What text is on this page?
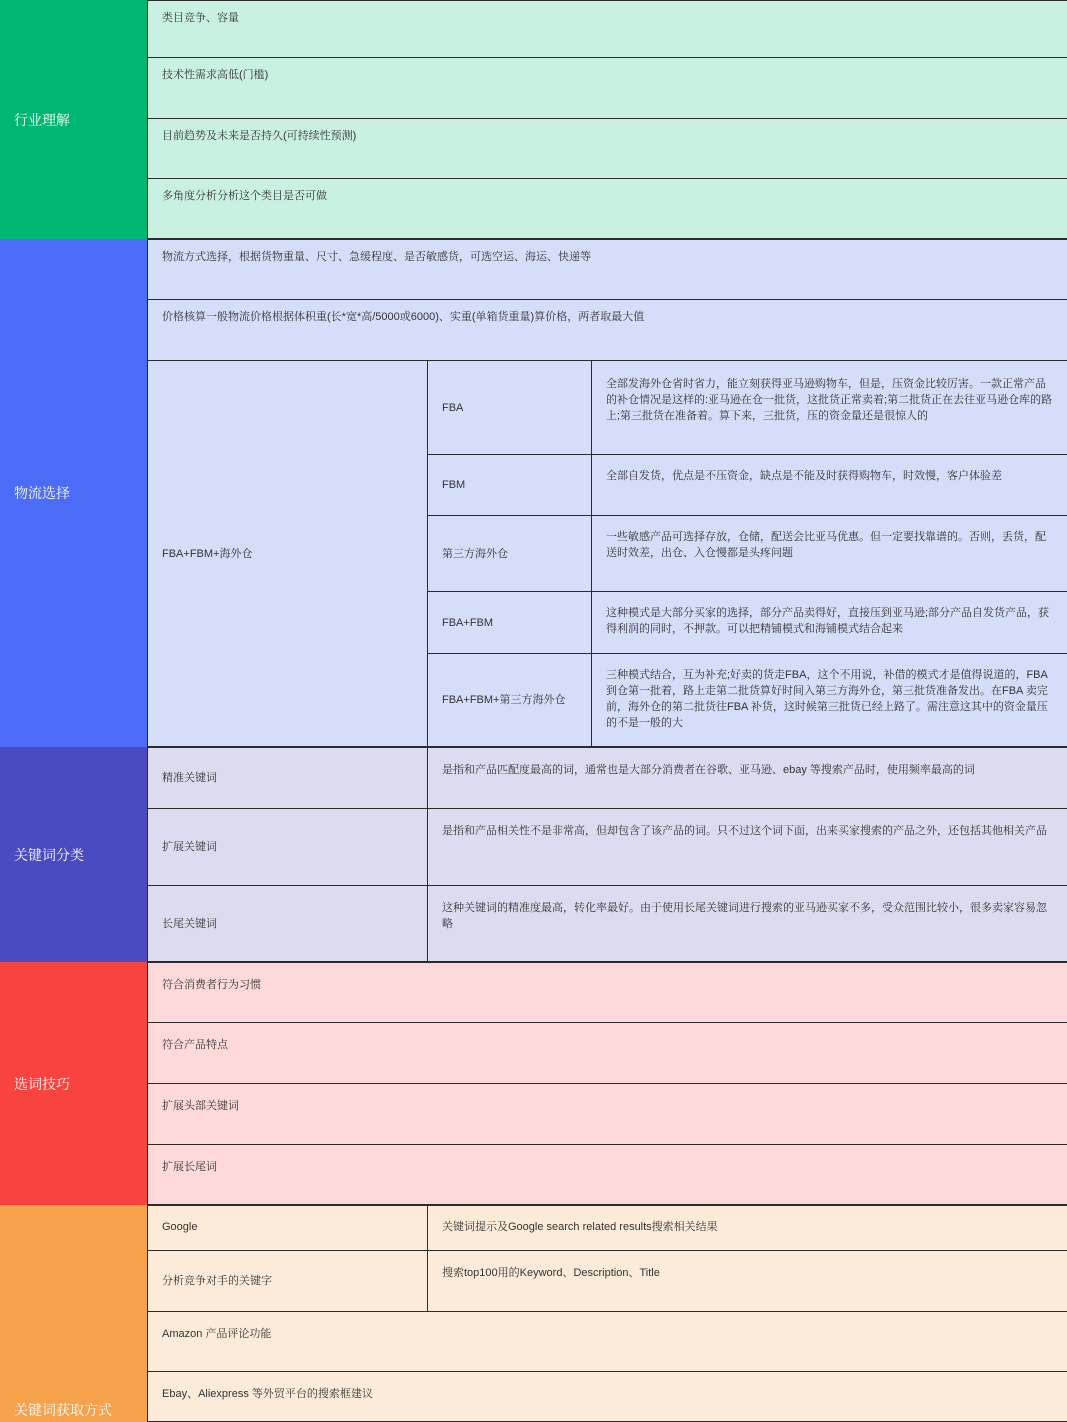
行业理解
类目竞争、容量
技术性需求高低(门槛)
目前趋势及未来是否持久(可持续性预测)
多角度分析分析这个类目是否可做
物流选择
物流方式选择，根据货物重量、尺寸、急缓程度、是否敏感货，可选空运、海运、快递等
价格核算一般物流价格根据体积重(长*宽*高/5000或6000)、实重(单箱货重量)算价格，两者取最大值
FBA+FBM+海外仓
FBA
全部发海外仓省时省力，能立刻获得亚马逊购物车，但是，压资金比较厉害。一款正常产品的补仓情况是这样的:亚马逊在仓一批货，这批货正常卖着;第二批货正在去往亚马逊仓库的路上;第三批货在准备着。算下来，三批货，压的资金量还是很惊人的
FBM
全部自发货，优点是不压资金，缺点是不能及时获得购物车，时效慢，客户体验差
第三方海外仓
一些敏感产品可选择存放，仓储，配送会比亚马优惠。但一定要找靠谱的。否则，丢货，配送时效差，出仓、入仓慢都是头疼问题
FBA+FBM
这种模式是大部分买家的选择，部分产品卖得好，直接压到亚马逊;部分产品自发货产品，获得利润的同时，不押款。可以把精铺模式和海铺模式结合起来
FBA+FBM+第三方海外仓
三种模式结合，互为补充;好卖的货走FBA，这个不用说，补借的模式才是值得说道的，FBA到仓第一批着，路上走第二批货算好时间入第三方海外仓，第三批货准备发出。在FBA 卖完前，海外仓的第二批货往FBA 补货，这时候第三批货已经上路了。需注意这其中的资金量压的不是一般的大
关键词分类
精准关键词
是指和产品匹配度最高的词，通常也是大部分消费者在谷歌、亚马逊、ebay 等搜索产品时，使用频率最高的词
扩展关键词
是指和产品相关性不是非常高，但却包含了该产品的词。只不过这个词下面，出来买家搜索的产品之外，还包括其他相关产品
长尾关键词
这种关键词的精准度最高，转化率最好。由于使用长尾关键词进行搜索的亚马逊买家不多，受众范围比较小，很多卖家容易忽略
选词技巧
符合消费者行为习惯
符合产品特点
扩展头部关键词
扩展长尾词
关键词获取方式
Google	关键词提示及Google search related results搜索相关结果
分析竞争对手的关键字
搜索top100用的Keyword、Description、Title
Amazon 产品评论功能
Ebay、Aliexpress 等外贸平台的搜索框建议
